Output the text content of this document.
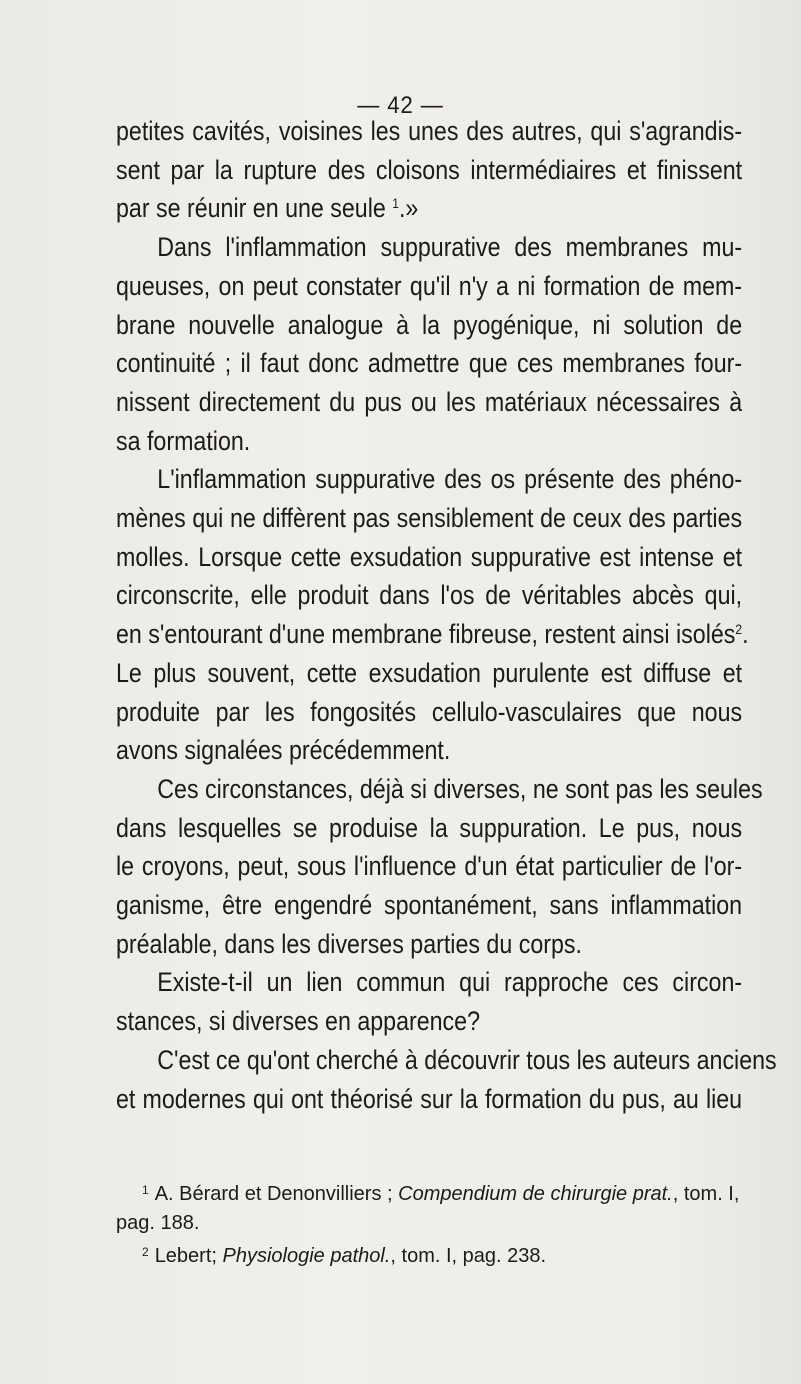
— 42 —
petites cavités, voisines les unes des autres, qui s'agrandis-
sent par la rupture des cloisons intermédiaires et finissent
par se réunir en une seule $^1$.»
Dans l'inflammation suppurative des membranes mu-
queuses, on peut constater qu'il n'y a ni formation de mem-
brane nouvelle analogue à la pyogénique, ni solution de
continuité ; il faut donc admettre que ces membranes four-
nissent directement du pus ou les matériaux nécessaires à
sa formation.
L'inflammation suppurative des os présente des phéno-
mènes qui ne diffèrent pas sensiblement de ceux des parties
molles. Lorsque cette exsudation suppurative est intense et
circonscrite, elle produit dans l'os de véritables abcès qui,
en s'entourant d'une membrane fibreuse, restent ainsi isolés$^2$.
Le plus souvent, cette exsudation purulente est diffuse et
produite par les fongosités cellulo-vasculaires que nous
avons signalées précédemment.
Ces circonstances, déjà si diverses, ne sont pas les seules
dans lesquelles se produise la suppuration. Le pus, nous
le croyons, peut, sous l'influence d'un état particulier de l'or-
ganisme, être engendré spontanément, sans inflammation
préalable, dans les diverses parties du corps.
Existe-t-il un lien commun qui rapproche ces circon-
stances, si diverses en apparence?
C'est ce qu'ont cherché à découvrir tous les auteurs anciens
et modernes qui ont théorisé sur la formation du pus, au lieu
$^1$ A. Bérard et Denonvilliers ; Compendium de chirurgie prat., tom. I,
pag. 188.
$^2$ Lebert; Physiologie pathol., tom. I, pag. 238.
